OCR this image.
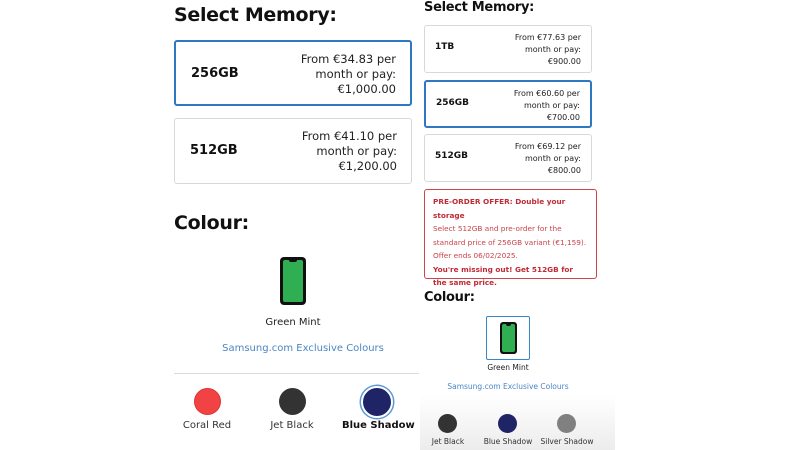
Select Memory:
256GB
From €34.83 per
month or pay:
€1,000.00
512GB
From €41.10 per
month or pay:
€1,200.00
Colour:
Green Mint
Samsung.com Exclusive Colours
Coral Red	Jet Black	Blue Shadow
Select Memory:
1TB
From €77.63 per
month or pay:
€900.00
256GB
From €60.60 per
month or pay:
€700.00
512GB
From €69.12 per
month or pay:
€800.00
PRE-ORDER OFFER: Double your storage
Select 512GB and pre-order for the standard price of 256GB variant (€1,159). Offer ends 06/02/2025.
You're missing out! Get 512GB for the same price.
Colour:
Green Mint
Samsung.com Exclusive Colours
Jet Black	Blue Shadow	Silver Shadow
